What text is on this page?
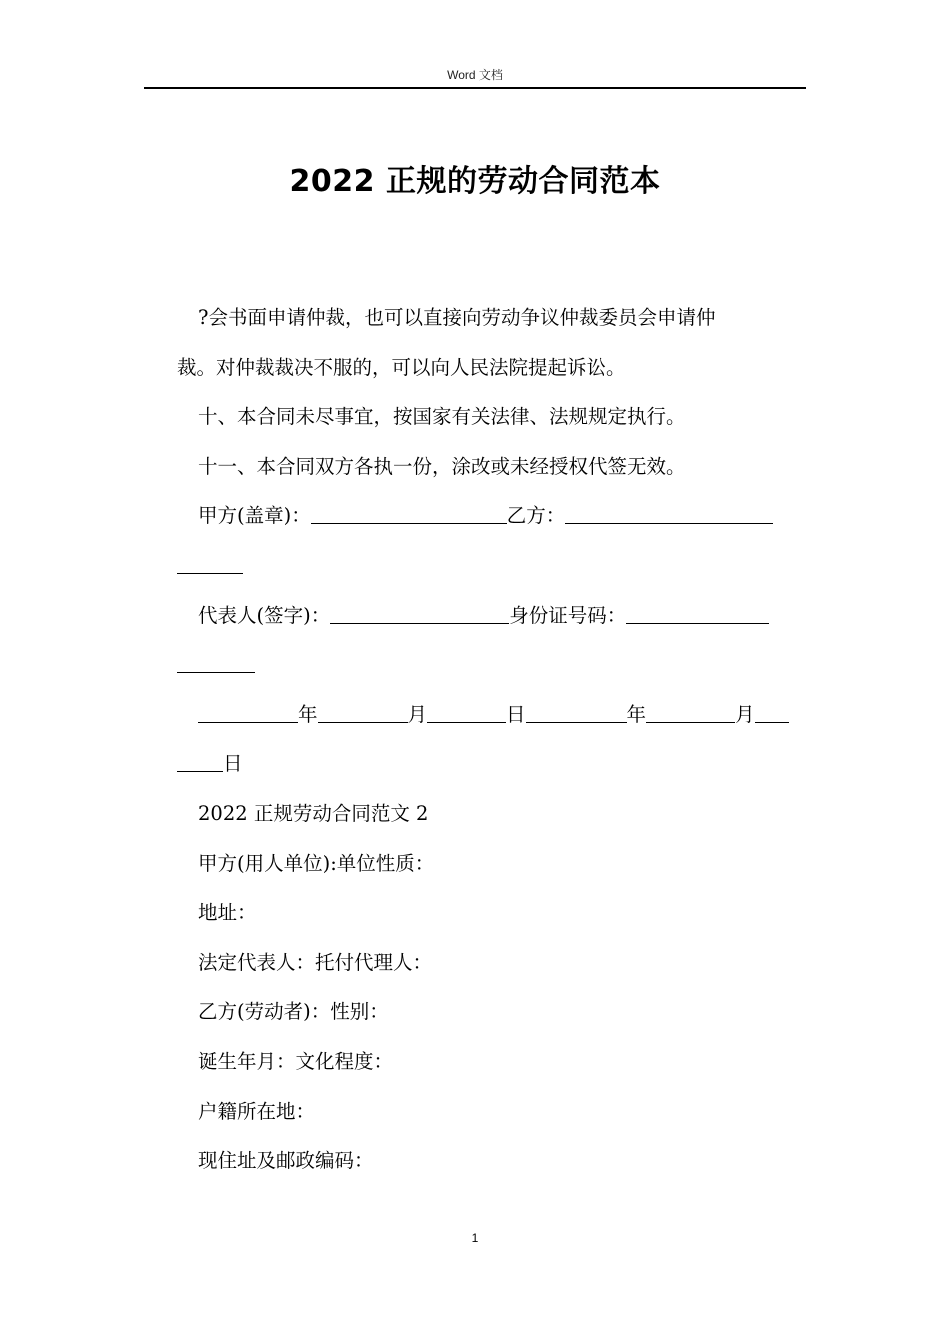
Word 文档
2022 正规的劳动合同范本

?会书面申请仲裁，也可以直接向劳动争议仲裁委员会申请仲

裁。对仲裁裁决不服的，可以向人民法院提起诉讼。

十、本合同未尽事宜，按国家有关法律、法规规定执行。

十一、本合同双方各执一份，涂改或未经授权代签无效。

甲方(盖章)：	乙方：

代表人(签字)：	身份证号码：

年	月	日	年	月

日

2022 正规劳动合同范文 2

甲方(用人单位):单位性质：

地址：

法定代表人：托付代理人：

乙方(劳动者)：性别：

诞生年月：文化程度：

户籍所在地：

现住址及邮政编码：

1
